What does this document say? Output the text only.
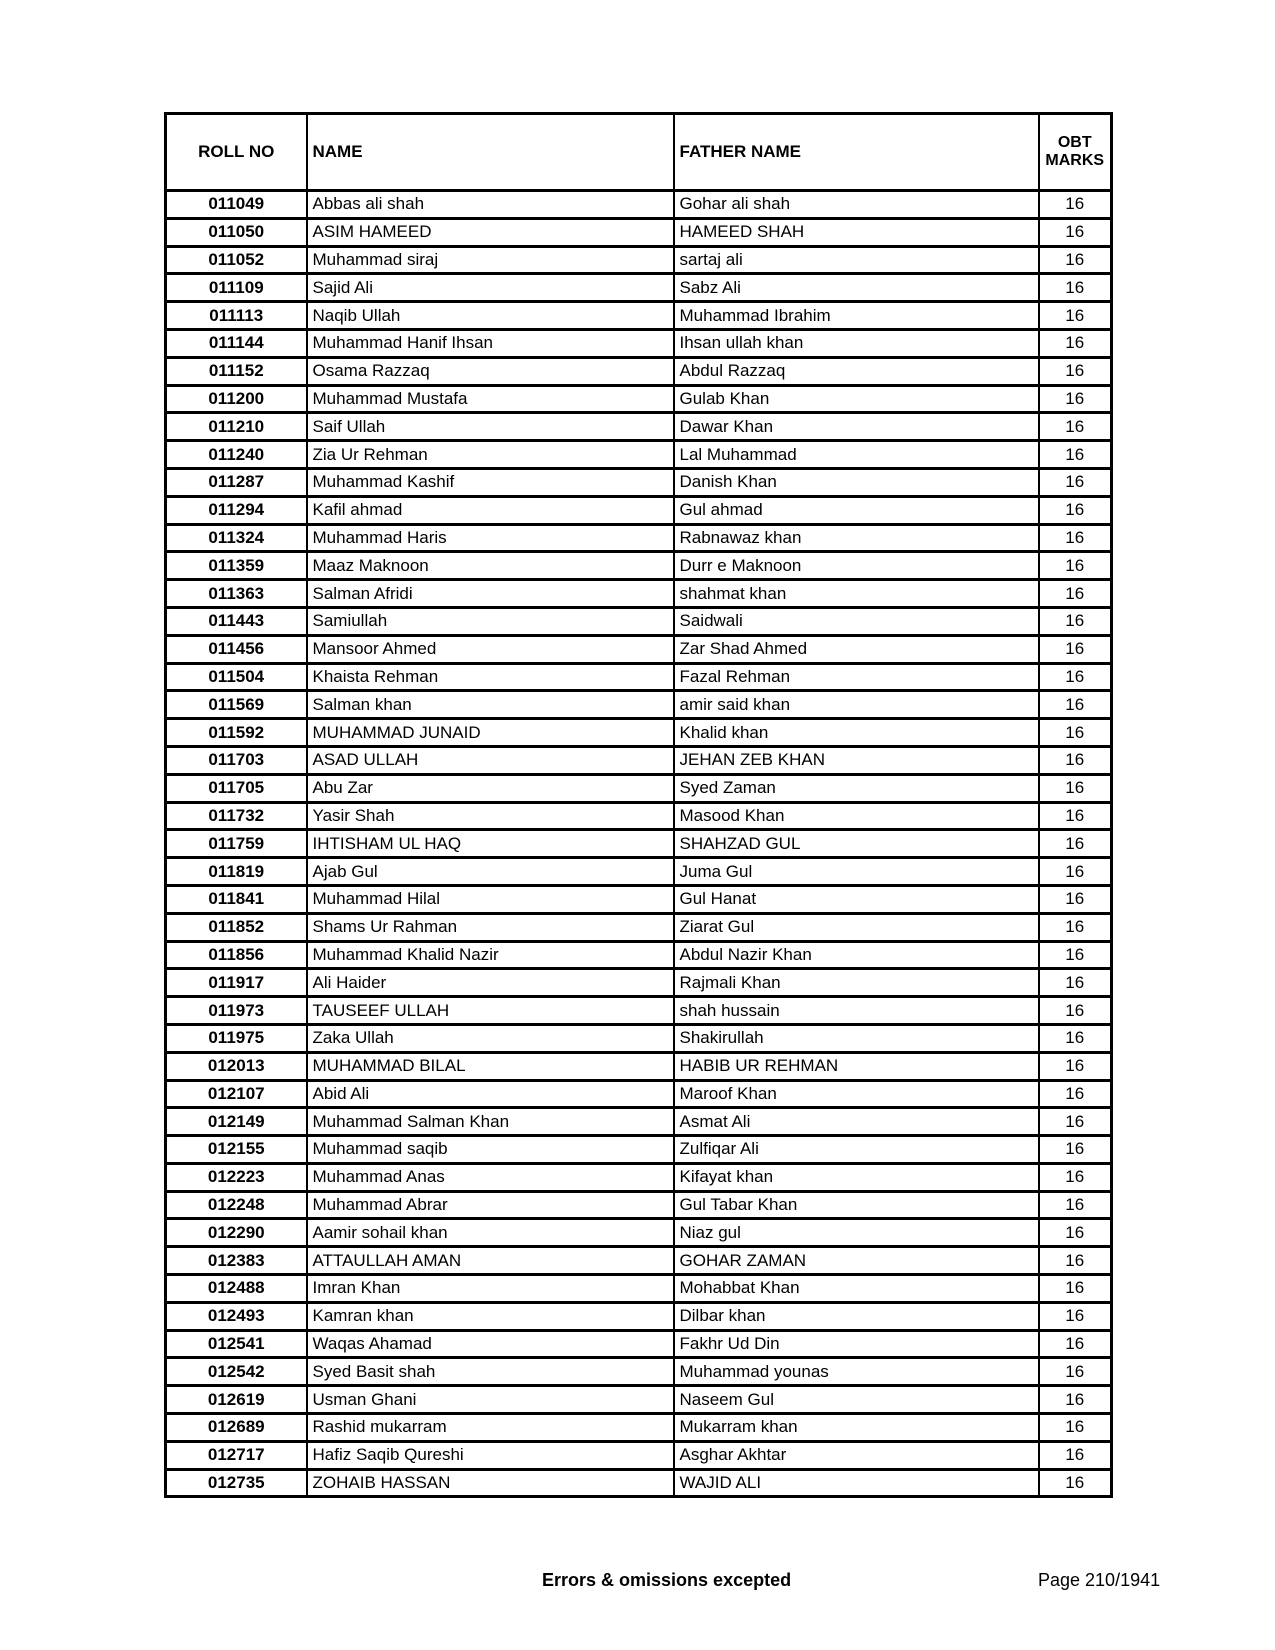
ROLL NO	NAME	FATHER NAME	OBT MARKS
011049	Abbas ali shah	Gohar ali shah	16
011050	ASIM HAMEED	HAMEED SHAH	16
011052	Muhammad siraj	sartaj ali	16
011109	Sajid Ali	Sabz Ali	16
011113	Naqib Ullah	Muhammad Ibrahim	16
011144	Muhammad Hanif Ihsan	Ihsan ullah khan	16
011152	Osama Razzaq	Abdul Razzaq	16
011200	Muhammad Mustafa	Gulab Khan	16
011210	Saif Ullah	Dawar Khan	16
011240	Zia Ur Rehman	Lal Muhammad	16
011287	Muhammad Kashif	Danish Khan	16
011294	Kafil ahmad	Gul ahmad	16
011324	Muhammad Haris	Rabnawaz khan	16
011359	Maaz Maknoon	Durr e Maknoon	16
011363	Salman Afridi	shahmat khan	16
011443	Samiullah	Saidwali	16
011456	Mansoor Ahmed	Zar Shad Ahmed	16
011504	Khaista Rehman	Fazal Rehman	16
011569	Salman khan	amir said khan	16
011592	MUHAMMAD JUNAID	Khalid khan	16
011703	ASAD ULLAH	JEHAN ZEB KHAN	16
011705	Abu Zar	Syed Zaman	16
011732	Yasir Shah	Masood Khan	16
011759	IHTISHAM UL HAQ	SHAHZAD GUL	16
011819	Ajab Gul	Juma Gul	16
011841	Muhammad Hilal	Gul Hanat	16
011852	Shams Ur Rahman	Ziarat Gul	16
011856	Muhammad Khalid Nazir	Abdul Nazir Khan	16
011917	Ali Haider	Rajmali Khan	16
011973	TAUSEEF ULLAH	shah hussain	16
011975	Zaka Ullah	Shakirullah	16
012013	MUHAMMAD BILAL	HABIB UR REHMAN	16
012107	Abid Ali	Maroof Khan	16
012149	Muhammad Salman Khan	Asmat Ali	16
012155	Muhammad saqib	Zulfiqar Ali	16
012223	Muhammad Anas	Kifayat khan	16
012248	Muhammad Abrar	Gul Tabar Khan	16
012290	Aamir sohail khan	Niaz gul	16
012383	ATTAULLAH AMAN	GOHAR ZAMAN	16
012488	Imran Khan	Mohabbat Khan	16
012493	Kamran khan	Dilbar khan	16
012541	Waqas Ahamad	Fakhr Ud Din	16
012542	Syed Basit shah	Muhammad younas	16
012619	Usman Ghani	Naseem Gul	16
012689	Rashid mukarram	Mukarram khan	16
012717	Hafiz Saqib Qureshi	Asghar Akhtar	16
012735	ZOHAIB HASSAN	WAJID ALI	16
Errors & omissions excepted	Page 210/1941
